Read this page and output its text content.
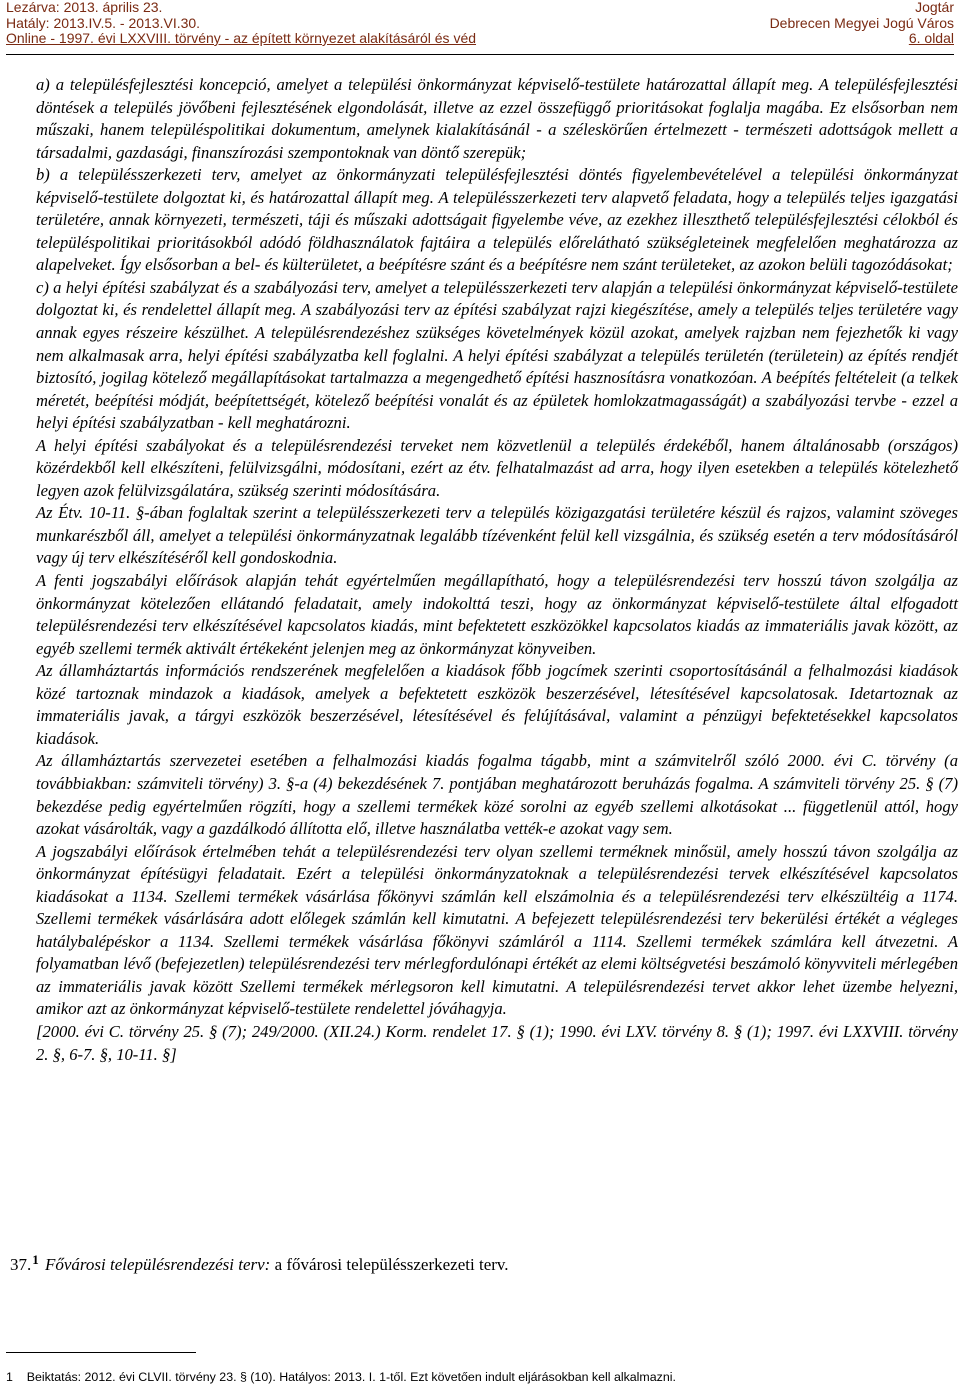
Lezárva: 2013. április 23.
Hatály: 2013.IV.5. - 2013.VI.30.
Online - 1997. évi LXXVIII. törvény - az épített környezet alakításáról és véd
Jogtár
Debrecen Megyei Jogú Város
6. oldal

a) a településfejlesztési koncepció, amelyet a települési önkormányzat képviselő-testülete határozattal állapít meg. A településfejlesztési döntések a település jövőbeni fejlesztésének elgondolását, illetve az ezzel összefüggő prioritásokat foglalja magába. Ez elsősorban nem műszaki, hanem településpolitikai dokumentum, amelynek kialakításánál - a széleskörűen értelmezett - természeti adottságok mellett a társadalmi, gazdasági, finanszírozási szempontoknak van döntő szerepük;

b) a településszerkezeti terv, amelyet az önkormányzati településfejlesztési döntés figyelembevételével a települési önkormányzat képviselő-testülete dolgoztat ki, és határozattal állapít meg. A településszerkezeti terv alapvető feladata, hogy a település teljes igazgatási területére, annak környezeti, természeti, táji és műszaki adottságait figyelembe véve, az ezekhez illeszthető településfejlesztési célokból és településpolitikai prioritásokból adódó földhasználatok fajtáira a település előrelátható szükségleteinek megfelelően meghatározza az alapelveket. Így elsősorban a bel- és külterületet, a beépítésre szánt és a beépítésre nem szánt területeket, az azokon belüli tagozódásokat;

c) a helyi építési szabályzat és a szabályozási terv, amelyet a településszerkezeti terv alapján a települési önkormányzat képviselő-testülete dolgoztat ki, és rendelettel állapít meg. A szabályozási terv az építési szabályzat rajzi kiegészítése, amely a település teljes területére vagy annak egyes részeire készülhet. A településrendezéshez szükséges követelmények közül azokat, amelyek rajzban nem fejezhetők ki vagy nem alkalmasak arra, helyi építési szabályzatba kell foglalni. A helyi építési szabályzat a település területén (területein) az építés rendjét biztosító, jogilag kötelező megállapításokat tartalmazza a megengedhető építési hasznosításra vonatkozóan. A beépítés feltételeit (a telkek méretét, beépítési módját, beépítettségét, kötelező beépítési vonalát és az épületek homlokzatmagasságát) a szabályozási tervbe - ezzel a helyi építési szabályzatban - kell meghatározni.

A helyi építési szabályokat és a településrendezési terveket nem közvetlenül a település érdekéből, hanem általánosabb (országos) közérdekből kell elkészíteni, felülvizsgálni, módosítani, ezért az étv. felhatalmazást ad arra, hogy ilyen esetekben a település kötelezhető legyen azok felülvizsgálatára, szükség szerinti módosítására.

Az Étv. 10-11. §-ában foglaltak szerint a településszerkezeti terv a település közigazgatási területére készül és rajzos, valamint szöveges munkarészből áll, amelyet a települési önkormányzatnak legalább tízévenként felül kell vizsgálnia, és szükség esetén a terv módosításáról vagy új terv elkészítéséről kell gondoskodnia.

A fenti jogszabályi előírások alapján tehát egyértelműen megállapítható, hogy a településrendezési terv hosszú távon szolgálja az önkormányzat kötelezően ellátandó feladatait, amely indokolttá teszi, hogy az önkormányzat képviselő-testülete által elfogadott településrendezési terv elkészítésével kapcsolatos kiadás, mint befektetett eszközökkel kapcsolatos kiadás az immateriális javak között, az egyéb szellemi termék aktivált értékeként jelenjen meg az önkormányzat könyveiben.

Az államháztartás információs rendszerének megfelelően a kiadások főbb jogcímek szerinti csoportosításánál a felhalmozási kiadások közé tartoznak mindazok a kiadások, amelyek a befektetett eszközök beszerzésével, létesítésével kapcsolatosak. Idetartoznak az immateriális javak, a tárgyi eszközök beszerzésével, létesítésével és felújításával, valamint a pénzügyi befektetésekkel kapcsolatos kiadások.

Az államháztartás szervezetei esetében a felhalmozási kiadás fogalma tágabb, mint a számvitelről szóló 2000. évi C. törvény (a továbbiakban: számviteli törvény) 3. §-a (4) bekezdésének 7. pontjában meghatározott beruházás fogalma. A számviteli törvény 25. § (7) bekezdése pedig egyértelműen rögzíti, hogy a szellemi termékek közé sorolni az egyéb szellemi alkotásokat ... függetlenül attól, hogy azokat vásárolták, vagy a gazdálkodó állította elő, illetve használatba vették-e azokat vagy sem.

A jogszabályi előírások értelmében tehát a településrendezési terv olyan szellemi terméknek minősül, amely hosszú távon szolgálja az önkormányzat építésügyi feladatait. Ezért a települési önkormányzatoknak a településrendezési tervek elkészítésével kapcsolatos kiadásokat a 1134. Szellemi termékek vásárlása főkönyvi számlán kell elszámolnia és a településrendezési terv elkészültéig a 1174. Szellemi termékek vásárlására adott előlegek számlán kell kimutatni. A befejezett településrendezési terv bekerülési értékét a végleges hatálybalépéskor a 1134. Szellemi termékek vásárlása főkönyvi számláról a 1114. Szellemi termékek számlára kell átvezetni. A folyamatban lévő (befejezetlen) településrendezési terv mérlegfordulónapi értékét az elemi költségvetési beszámoló könyvviteli mérlegében az immateriális javak között Szellemi termékek mérlegsoron kell kimutatni. A településrendezési tervet akkor lehet üzembe helyezni, amikor azt az önkormányzat képviselő-testülete rendelettel jóváhagyja.

[2000. évi C. törvény 25. § (7); 249/2000. (XII.24.) Korm. rendelet 17. § (1); 1990. évi LXV. törvény 8. § (1); 1997. évi LXXVIII. törvény 2. §, 6-7. §, 10-11. §]

37.$^1$ Fővárosi településrendezési terv: a fővárosi településszerkezeti terv.
1 Beiktatás: 2012. évi CLVII. törvény 23. § (10). Hatályos: 2013. I. 1-től. Ezt követően indult eljárásokban kell alkalmazni.
